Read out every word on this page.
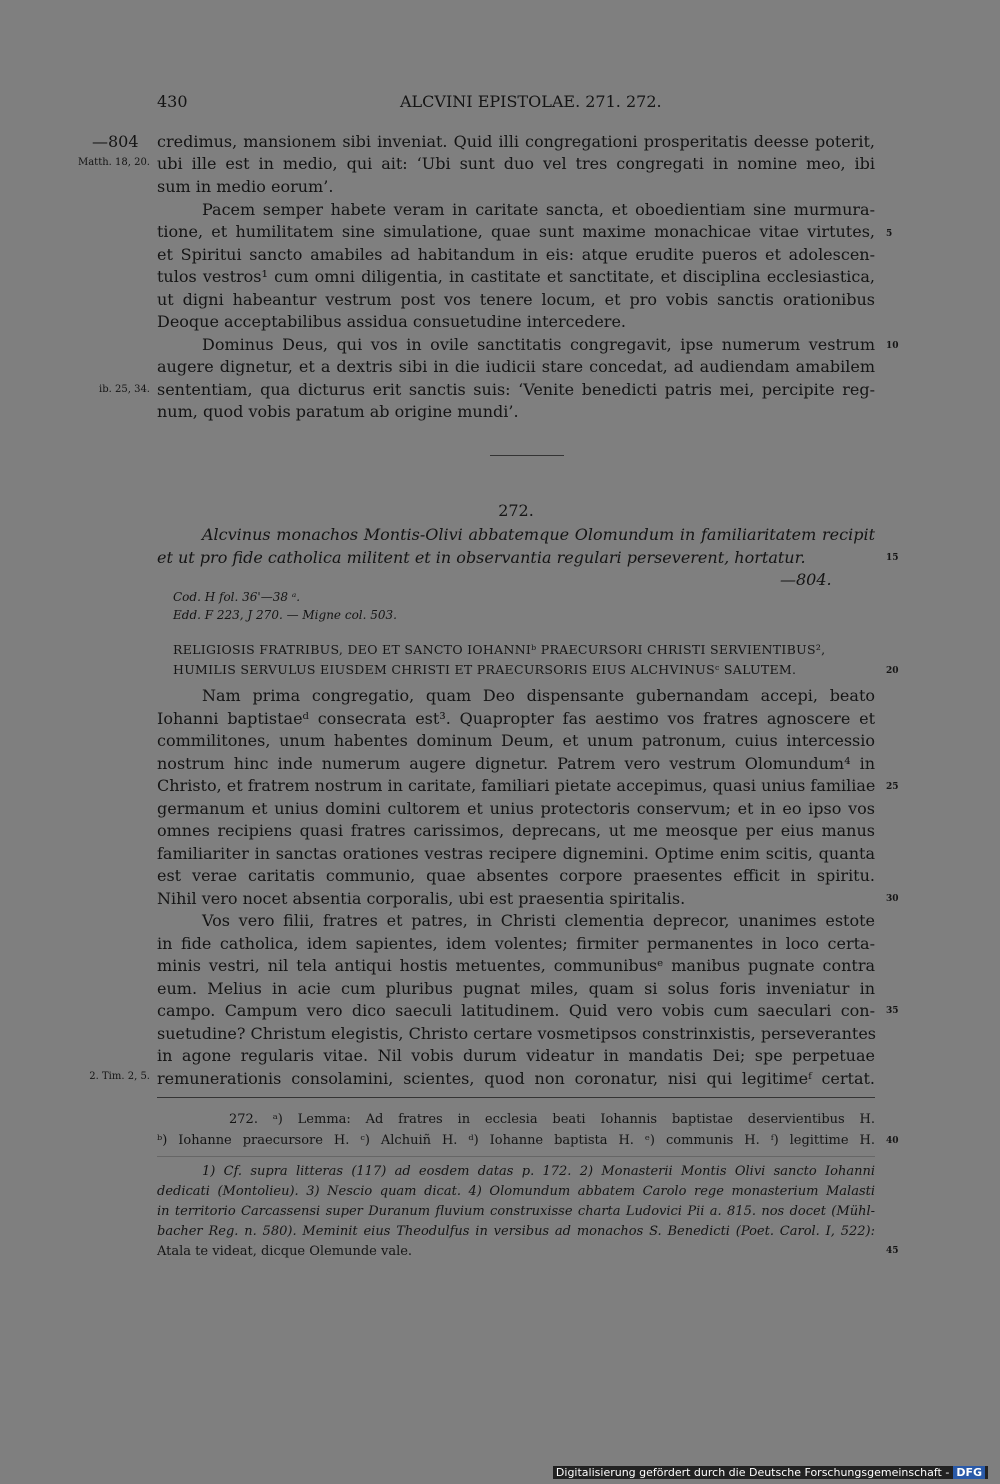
430	ALCVINI EPISTOLAE. 271. 272.
—804	credimus, mansionem sibi inveniat. Quid illi congregationi prosperitatis deesse poterit,
Matth. 18, 20. ubi ille est in medio, qui ait: ‘Ubi sunt duo vel tres congregati in nomine meo, ibi
sum in medio eorum’.
Pacem semper habete veram in caritate sancta, et oboedientiam sine murmura-
tione, et humilitatem sine simulatione, quae sunt maxime monachicae vitae virtutes, 5
et Spiritui sancto amabiles ad habitandum in eis: atque erudite pueros et adolescen-
tulos vestros¹ cum omni diligentia, in castitate et sanctitate, et disciplina ecclesiastica,
ut digni habeantur vestrum post vos tenere locum, et pro vobis sanctis orationibus
Deoque acceptabilibus assidua consuetudine intercedere.
Dominus Deus, qui vos in ovile sanctitatis congregavit, ipse numerum vestrum 10
augere dignetur, et a dextris sibi in die iudicii stare concedat, ad audiendam amabilem
ib. 25, 34. sententiam, qua dicturus erit sanctis suis: ‘Venite benedicti patris mei, percipite reg-
num, quod vobis paratum ab origine mundi’.
272.
Alcvinus monachos Montis-Olivi abbatemque Olomundum in familiaritatem recipit
et ut pro fide catholica militent et in observantia regulari perseverent, hortatur.	15
—804.
Cod. H fol. 36'—38 ᵃ.
Edd. F 223, J 270. — Migne col. 503.
RELIGIOSIS FRATRIBUS, DEO ET SANCTO IOHANNIᵇ PRAECURSORI CHRISTI SERVIENTIBUS²,
HUMILIS SERVULUS EIUSDEM CHRISTI ET PRAECURSORIS EIUS ALCHVINUSᶜ SALUTEM.	20
Nam prima congregatio, quam Deo dispensante gubernandam accepi, beato
Iohanni baptistaeᵈ consecrata est³. Quapropter fas aestimo vos fratres agnoscere et
commilitones, unum habentes dominum Deum, et unum patronum, cuius intercessio
nostrum hinc inde numerum augere dignetur. Patrem vero vestrum Olomundum⁴ in
Christo, et fratrem nostrum in caritate, familiari pietate accepimus, quasi unius familiae 25
germanum et unius domini cultorem et unius protectoris conservum; et in eo ipso vos
omnes recipiens quasi fratres carissimos, deprecans, ut me meosque per eius manus
familiariter in sanctas orationes vestras recipere dignemini. Optime enim scitis, quanta
est verae caritatis communio, quae absentes corpore praesentes efficit in spiritu.
Nihil vero nocet absentia corporalis, ubi est praesentia spiritalis.	30
Vos vero filii, fratres et patres, in Christi clementia deprecor, unanimes estote
in fide catholica, idem sapientes, idem volentes; firmiter permanentes in loco certa-
minis vestri, nil tela antiqui hostis metuentes, communibusᵉ manibus pugnate contra
eum. Melius in acie cum pluribus pugnat miles, quam si solus foris inveniatur in
campo. Campum vero dico saeculi latitudinem. Quid vero vobis cum saeculari con- 35
suetudine? Christum elegistis, Christo certare vosmetipsos constrinxistis, perseverantes
in agone regularis vitae. Nil vobis durum videatur in mandatis Dei; spe perpetuae
2. Tim. 2, 5. remunerationis consolamini, scientes, quod non coronatur, nisi qui legitimeᶠ certat.
272. ᵃ) Lemma: Ad fratres in ecclesia beati Iohannis baptistae deservientibus H.
ᵇ) Iohanne praecursore H. ᶜ) Alchuiñ H. ᵈ) Iohanne baptista H. ᵉ) communis H. ᶠ) legittime H. 40
1) Cf. supra litteras (117) ad eosdem datas p. 172. 2) Monasterii Montis Olivi sancto Iohanni
dedicati (Montolieu). 3) Nescio quam dicat. 4) Olomundum abbatem Carolo rege monasterium Malasti
in territorio Carcassensi super Duranum fluvium construxisse charta Ludovici Pii a. 815. nos docet (Mühl-
bacher Reg. n. 580). Meminit eius Theodulfus in versibus ad monachos S. Benedicti (Poet. Carol. I, 522):
Atala te videat, dicque Olemunde vale.	45
Digitalisierung gefördert durch die Deutsche Forschungsgemeinschaft - DFG
